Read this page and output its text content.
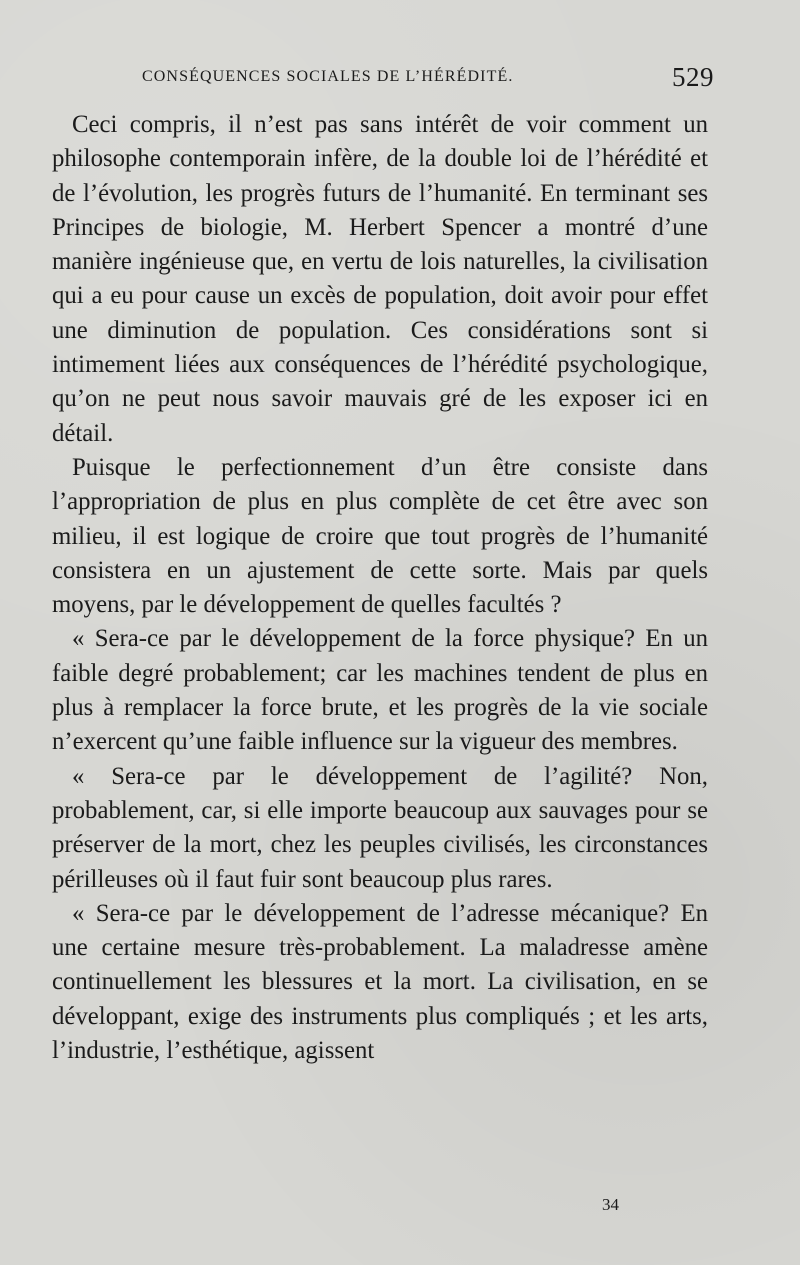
CONSÉQUENCES SOCIALES DE L’HÉRÉDITÉ.	529

Ceci compris, il n’est pas sans intérêt de voir comment un philosophe contemporain infère, de la double loi de l’hérédité et de l’évolution, les progrès futurs de l’humanité. En terminant ses Principes de biologie, M. Herbert Spencer a montré d’une manière ingénieuse que, en vertu de lois naturelles, la civilisation qui a eu pour cause un excès de population, doit avoir pour effet une diminution de population. Ces considérations sont si intimement liées aux conséquences de l’hérédité psychologique, qu’on ne peut nous savoir mauvais gré de les exposer ici en détail.

Puisque le perfectionnement d’un être consiste dans l’appropriation de plus en plus complète de cet être avec son milieu, il est logique de croire que tout progrès de l’humanité consistera en un ajustement de cette sorte. Mais par quels moyens, par le développement de quelles facultés ?

« Sera-ce par le développement de la force physique? En un faible degré probablement; car les machines tendent de plus en plus à remplacer la force brute, et les progrès de la vie sociale n’exercent qu’une faible influence sur la vigueur des membres.

« Sera-ce par le développement de l’agilité? Non, probablement, car, si elle importe beaucoup aux sauvages pour se préserver de la mort, chez les peuples civilisés, les circonstances périlleuses où il faut fuir sont beaucoup plus rares.

« Sera-ce par le développement de l’adresse mécanique? En une certaine mesure très-probablement. La maladresse amène continuellement les blessures et la mort. La civilisation, en se développant, exige des instruments plus compliqués ; et les arts, l’industrie, l’esthétique, agissent

34
